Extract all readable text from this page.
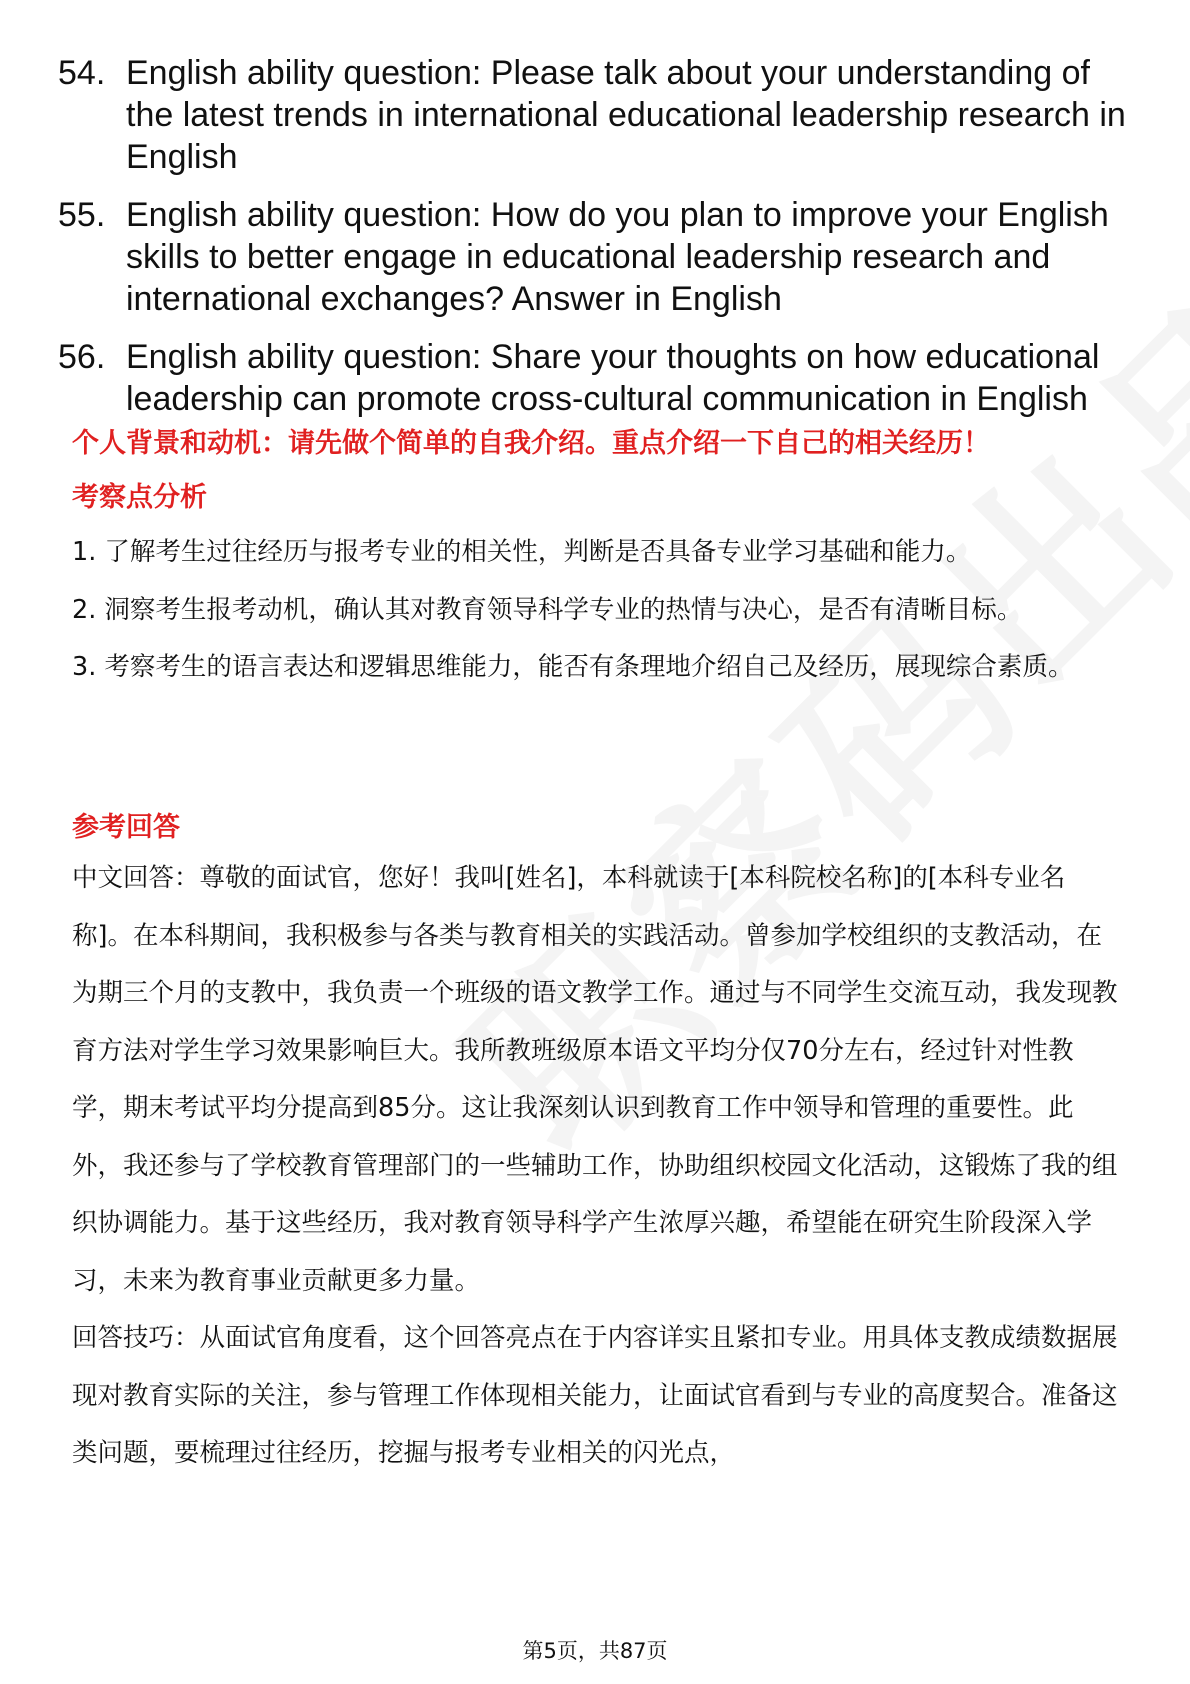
54. English ability question: Please talk about your understanding of the latest trends in international educational leadership research in English
55. English ability question: How do you plan to improve your English skills to better engage in educational leadership research and international exchanges? Answer in English
56. English ability question: Share your thoughts on how educational leadership can promote cross-cultural communication in English
个人背景和动机：请先做个简单的自我介绍。重点介绍一下自己的相关经历！
考察点分析
1. 了解考生过往经历与报考专业的相关性，判断是否具备专业学习基础和能力。
2. 洞察考生报考动机，确认其对教育领导科学专业的热情与决心，是否有清晰目标。
3. 考察考生的语言表达和逻辑思维能力，能否有条理地介绍自己及经历，展现综合素质。
参考回答
中文回答：尊敬的面试官，您好！我叫[姓名]，本科就读于[本科院校名称]的[本科专业名称]。在本科期间，我积极参与各类与教育相关的实践活动。曾参加学校组织的支教活动，在为期三个月的支教中，我负责一个班级的语文教学工作。通过与不同学生交流互动，我发现教育方法对学生学习效果影响巨大。我所教班级原本语文平均分仅70分左右，经过针对性教学，期末考试平均分提高到85分。这让我深刻认识到教育工作中领导和管理的重要性。此外，我还参与了学校教育管理部门的一些辅助工作，协助组织校园文化活动，这锻炼了我的组织协调能力。基于这些经历，我对教育领导科学产生浓厚兴趣，希望能在研究生阶段深入学习，未来为教育事业贡献更多力量。
回答技巧：从面试官角度看，这个回答亮点在于内容详实且紧扣专业。用具体支教成绩数据展现对教育实际的关注，参与管理工作体现相关能力，让面试官看到与专业的高度契合。准备这类问题，要梳理过往经历，挖掘与报考专业相关的闪光点，
第5页，共87页
